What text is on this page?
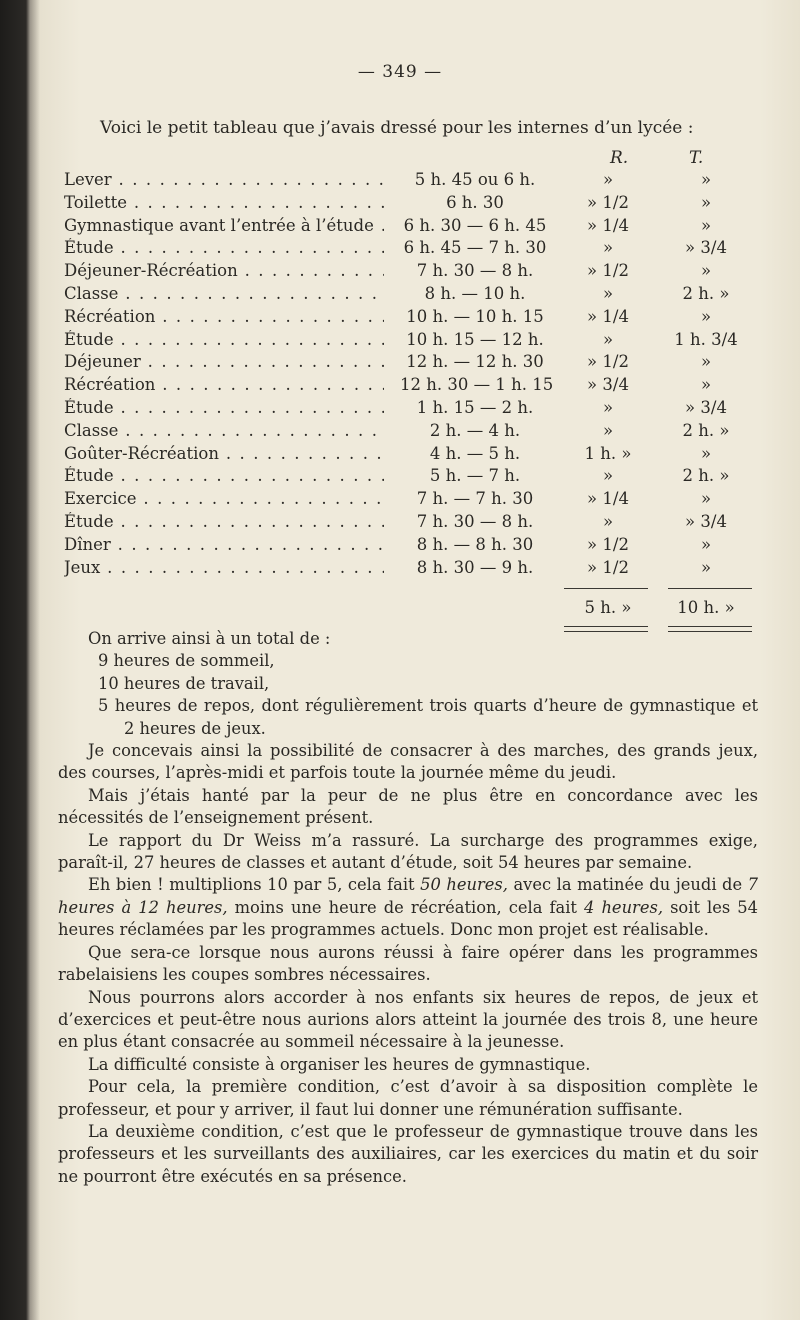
— 349 —
Voici le petit tableau que j’avais dressé pour les internes d’un lycée :
R.	T.
Lever . . .	5 h. 45 ou 6 h.	»	»
Toilette . . .	6 h. 30	» 1/2	»
Gymnastique avant l’entrée à l’étude . . .	6 h. 30 — 6 h. 45	» 1/4	»
Étude . . .	6 h. 45 — 7 h. 30	»	» 3/4
Déjeuner-Récréation . . .	7 h. 30 — 8 h.	» 1/2	»
Classe . . .	8 h. — 10 h.	»	2 h. »
Récréation . . .	10 h. — 10 h. 15	» 1/4	»
Étude . . .	10 h. 15 — 12 h.	»	1 h. 3/4
Déjeuner . . .	12 h. — 12 h. 30	» 1/2	»
Récréation . . .	12 h. 30 — 1 h. 15	» 3/4	»
Étude . . .	1 h. 15 — 2 h.	»	» 3/4
Classe . . .	2 h. — 4 h.	»	2 h. »
Goûter-Récréation . . .	4 h. — 5 h.	1 h. »	»
Étude . . .	5 h. — 7 h.	»	2 h. »
Exercice . . .	7 h. — 7 h. 30	» 1/4	»
Étude . . .	7 h. 30 — 8 h.	»	» 3/4
Dîner . . .	8 h. — 8 h. 30	» 1/2	»
Jeux . . .	8 h. 30 — 9 h.	» 1/2	»
5 h. »	10 h. »

On arrive ainsi à un total de :

9 heures de sommeil,

10 heures de travail,

5 heures de repos, dont régulièrement trois quarts d’heure de gymnastique et 2 heures de jeux.

Je concevais ainsi la possibilité de consacrer à des marches, des grands jeux, des courses, l’après-midi et parfois toute la journée même du jeudi.

Mais j’étais hanté par la peur de ne plus être en concordance avec les nécessités de l’enseignement présent.

Le rapport du Dr Weiss m’a rassuré. La surcharge des programmes exige, paraît-il, 27 heures de classes et autant d’étude, soit 54 heures par semaine.

Eh bien ! multiplions 10 par 5, cela fait 50 heures, avec la matinée du jeudi de 7 heures à 12 heures, moins une heure de récréation, cela fait 4 heures, soit les 54 heures réclamées par les programmes actuels. Donc mon projet est réalisable.

Que sera-ce lorsque nous aurons réussi à faire opérer dans les programmes rabelaisiens les coupes sombres nécessaires.

Nous pourrons alors accorder à nos enfants six heures de repos, de jeux et d’exercices et peut-être nous aurions alors atteint la journée des trois 8, une heure en plus étant consacrée au sommeil nécessaire à la jeunesse.

La difficulté consiste à organiser les heures de gymnastique.

Pour cela, la première condition, c’est d’avoir à sa disposition complète le professeur, et pour y arriver, il faut lui donner une rémunération suffisante.

La deuxième condition, c’est que le professeur de gymnastique trouve dans les professeurs et les surveillants des auxiliaires, car les exercices du matin et du soir ne pourront être exécutés en sa présence.
